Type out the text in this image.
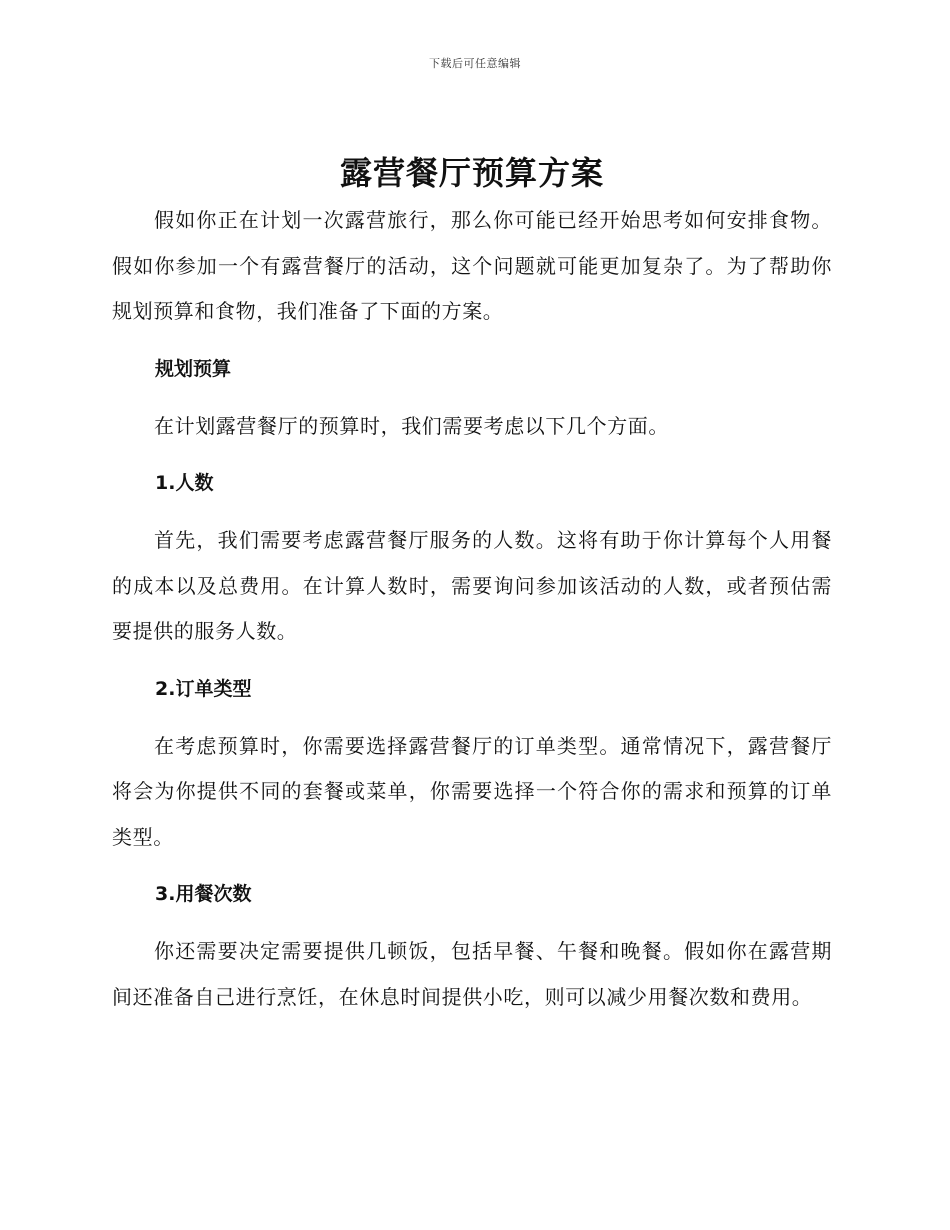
下载后可任意编辑
露营餐厅预算方案

假如你正在计划一次露营旅行，那么你可能已经开始思考如何安排食物。假如你参加一个有露营餐厅的活动，这个问题就可能更加复杂了。为了帮助你规划预算和食物，我们准备了下面的方案。

规划预算

在计划露营餐厅的预算时，我们需要考虑以下几个方面。

1.人数

首先，我们需要考虑露营餐厅服务的人数。这将有助于你计算每个人用餐的成本以及总费用。在计算人数时，需要询问参加该活动的人数，或者预估需要提供的服务人数。

2.订单类型

在考虑预算时，你需要选择露营餐厅的订单类型。通常情况下，露营餐厅将会为你提供不同的套餐或菜单，你需要选择一个符合你的需求和预算的订单类型。

3.用餐次数

你还需要决定需要提供几顿饭，包括早餐、午餐和晚餐。假如你在露营期间还准备自己进行烹饪，在休息时间提供小吃，则可以减少用餐次数和费用。
